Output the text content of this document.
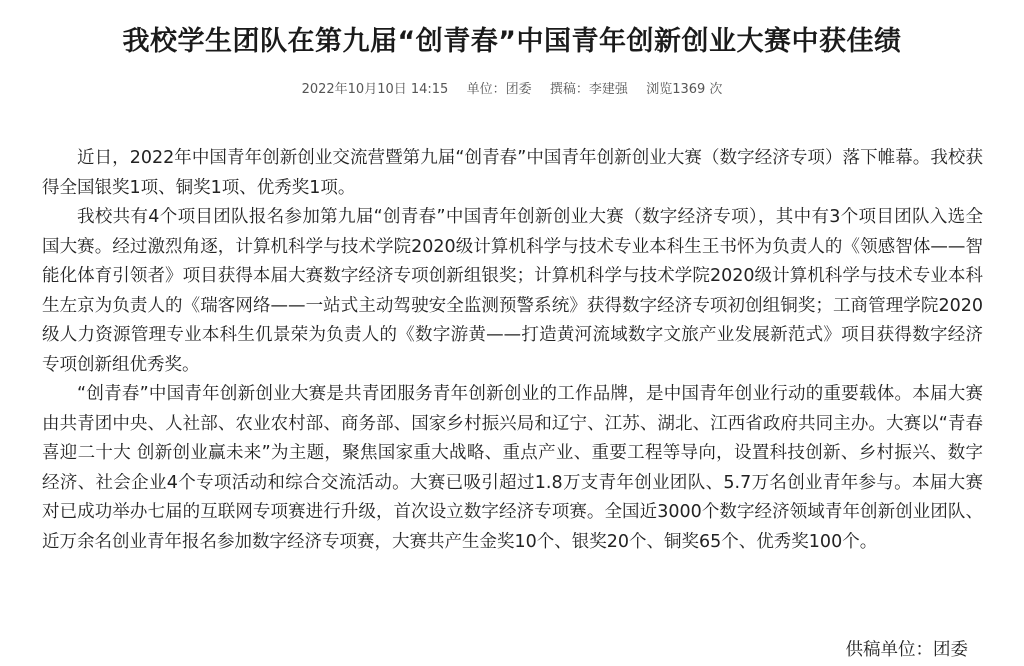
我校学生团队在第九届“创青春”中国青年创新创业大赛中获佳绩
2022年10月10日 14:15 单位：团委 撰稿：李建强 浏览1369 次

近日，2022年中国青年创新创业交流营暨第九届“创青春”中国青年创新创业大赛（数字经济专项）落下帷幕。我校获得全国银奖1项、铜奖1项、优秀奖1项。

我校共有4个项目团队报名参加第九届“创青春”中国青年创新创业大赛（数字经济专项），其中有3个项目团队入选全国大赛。经过激烈角逐，计算机科学与技术学院2020级计算机科学与技术专业本科生王书怀为负责人的《领感智体——智能化体育引领者》项目获得本届大赛数字经济专项创新组银奖；计算机科学与技术学院2020级计算机科学与技术专业本科生左京为负责人的《瑞客网络——一站式主动驾驶安全监测预警系统》获得数字经济专项初创组铜奖；工商管理学院2020级人力资源管理专业本科生仉景荣为负责人的《数字游黄——打造黄河流域数字文旅产业发展新范式》项目获得数字经济专项创新组优秀奖。

“创青春”中国青年创新创业大赛是共青团服务青年创新创业的工作品牌，是中国青年创业行动的重要载体。本届大赛由共青团中央、人社部、农业农村部、商务部、国家乡村振兴局和辽宁、江苏、湖北、江西省政府共同主办。大赛以“青春喜迎二十大 创新创业赢未来”为主题，聚焦国家重大战略、重点产业、重要工程等导向，设置科技创新、乡村振兴、数字经济、社会企业4个专项活动和综合交流活动。大赛已吸引超过1.8万支青年创业团队、5.7万名创业青年参与。本届大赛对已成功举办七届的互联网专项赛进行升级，首次设立数字经济专项赛。全国近3000个数字经济领域青年创新创业团队、近万余名创业青年报名参加数字经济专项赛，大赛共产生金奖10个、银奖20个、铜奖65个、优秀奖100个。

供稿单位：团委
